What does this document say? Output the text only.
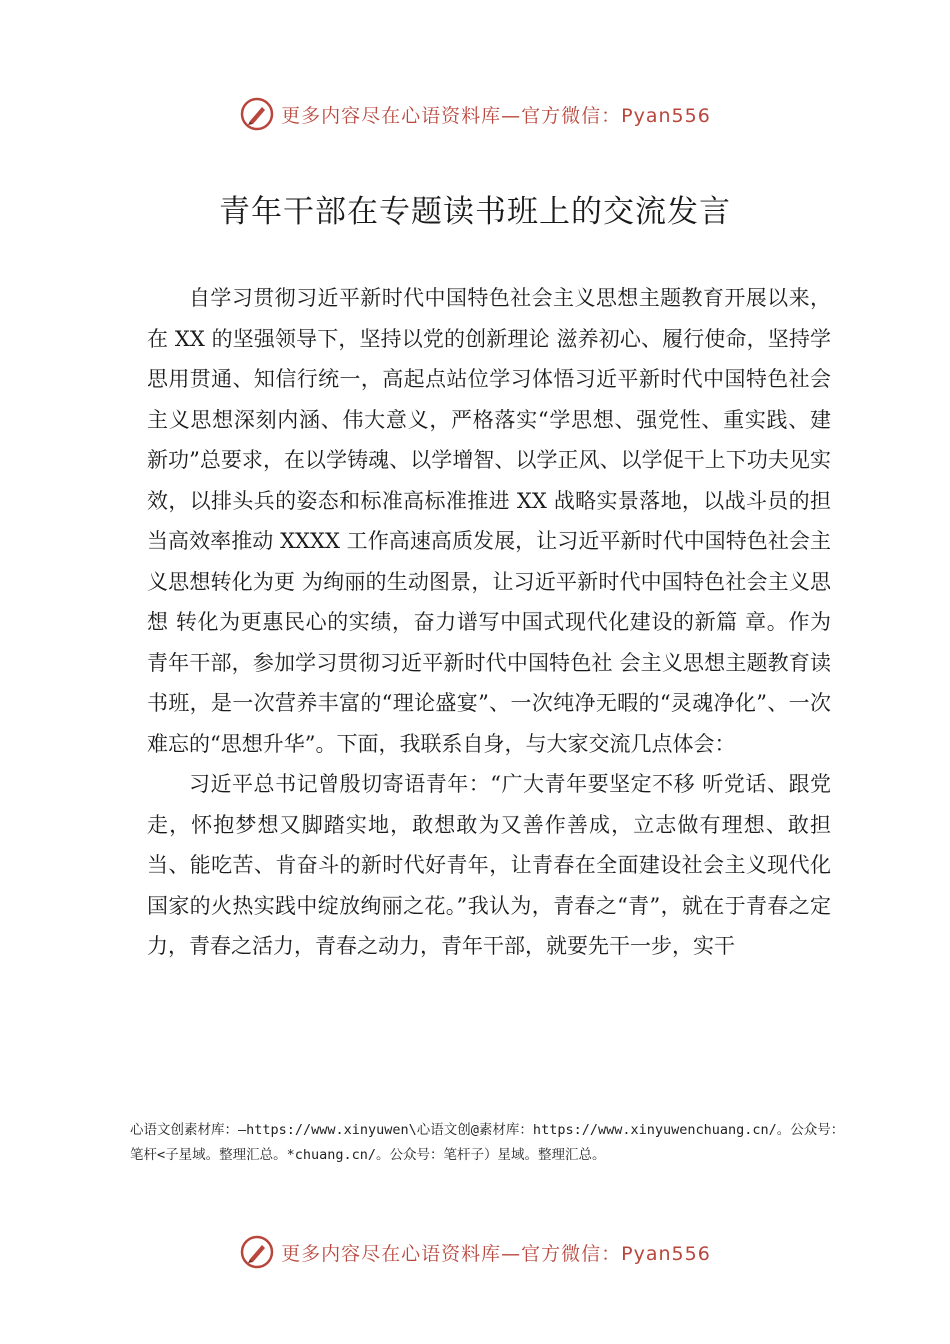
更多内容尽在心语资料库—官方微信：Pyan556
青年干部在专题读书班上的交流发言

自学习贯彻习近平新时代中国特色社会主义思想主题教育开展以来，在 XX 的坚强领导下，坚持以党的创新理论 滋养初心、履行使命，坚持学思用贯通、知信行统一，高起点站位学习体悟习近平新时代中国特色社会主义思想深刻内涵、伟大意义，严格落实“学思想、强党性、重实践、建 新功”总要求，在以学铸魂、以学增智、以学正风、以学促干上下功夫见实效，以排头兵的姿态和标准高标准推进 XX 战略实景落地，以战斗员的担当高效率推动 XXXX 工作高速高质发展，让习近平新时代中国特色社会主义思想转化为更 为绚丽的生动图景，让习近平新时代中国特色社会主义思想 转化为更惠民心的实绩，奋力谱写中国式现代化建设的新篇 章。作为青年干部，参加学习贯彻习近平新时代中国特色社 会主义思想主题教育读书班，是一次营养丰富的“理论盛宴”、一次纯净无暇的“灵魂净化”、一次难忘的“思想升华”。下面，我联系自身，与大家交流几点体会：

习近平总书记曾殷切寄语青年：“广大青年要坚定不移 听党话、跟党走，怀抱梦想又脚踏实地，敢想敢为又善作善成，立志做有理想、敢担当、能吃苦、肯奋斗的新时代好青年，让青春在全面建设社会主义现代化国家的火热实践中绽放绚丽之花。”我认为，青春之“青”，就在于青春之定力，青春之活力，青春之动力，青年干部，就要先干一步，实干

心语文创素材库：—https://www.xinyuwen\心语文创@素材库：https://www.xinyuwenchuang.cn/。公众号：笔杆<子星域。整理汇总。*chuang.cn/。公众号：笔杆子）星域。整理汇总。

更多内容尽在心语资料库—官方微信：Pyan556
